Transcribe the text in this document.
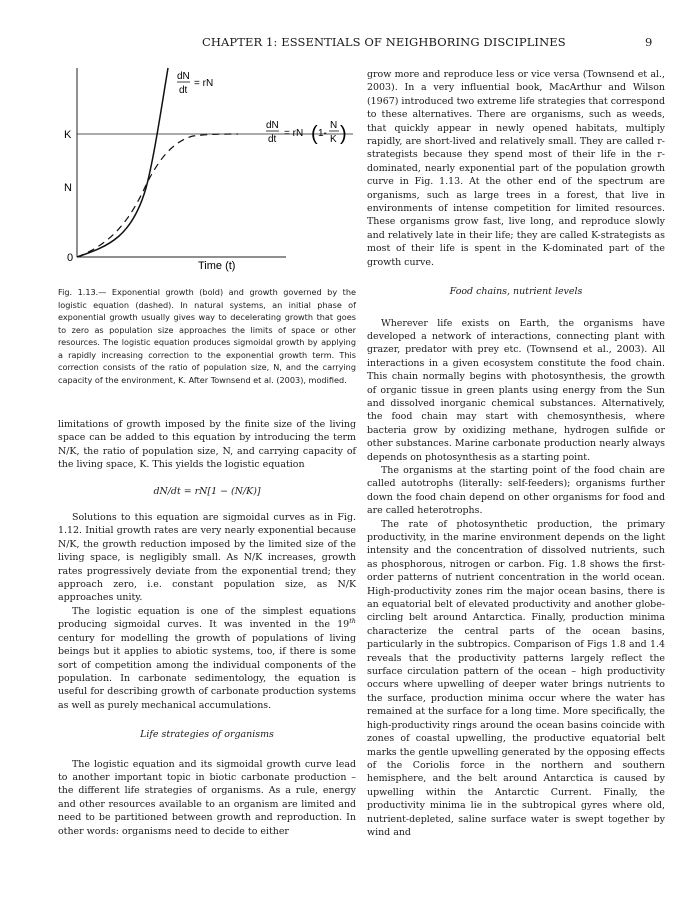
CHAPTER 1: ESSENTIALS OF NEIGHBORING DISCIPLINES	9
K
N
0
Time (t)
dN
dt
= rN
dN
dt
= rN ( 1-
N
K )
Fig. 1.13.— Exponential growth (bold) and growth governed by the logistic equation (dashed). In natural systems, an initial phase of exponential growth usually gives way to decelerating growth that goes to zero as population size approaches the limits of space or other resources. The logistic equation produces sigmoidal growth by applying a rapidly increasing correction to the exponential growth term. This correction consists of the ratio of population size, N, and the carrying capacity of the environment, K. After Townsend et al. (2003), modified.

limitations of growth imposed by the finite size of the living space can be added to this equation by introducing the term N/K, the ratio of population size, N, and carrying capacity of the living space, K. This yields the logistic equation

dN/dt = rN[1 − (N/K)]

Solutions to this equation are sigmoidal curves as in Fig. 1.12. Initial growth rates are very nearly exponential because N/K, the growth reduction imposed by the limited size of the living space, is negligibly small. As N/K increases, growth rates progressively deviate from the exponential trend; they approach zero, i.e. constant population size, as N/K approaches unity.

The logistic equation is one of the simplest equations producing sigmoidal curves. It was invented in the 19th century for modelling the growth of populations of living beings but it applies to abiotic systems, too, if there is some sort of competition among the individual components of the population. In carbonate sedimentology, the equation is useful for describing growth of carbonate production systems as well as purely mechanical accumulations.

Life strategies of organisms

The logistic equation and its sigmoidal growth curve lead to another important topic in biotic carbonate production – the different life strategies of organisms. As a rule, energy and other resources available to an organism are limited and need to be partitioned between growth and reproduction. In other words: organisms need to decide to either

grow more and reproduce less or vice versa (Townsend et al., 2003). In a very influential book, MacArthur and Wilson (1967) introduced two extreme life strategies that correspond to these alternatives. There are organisms, such as weeds, that quickly appear in newly opened habitats, multiply rapidly, are short-lived and relatively small. They are called r-strategists because they spend most of their life in the r-dominated, nearly exponential part of the population growth curve in Fig. 1.13. At the other end of the spectrum are organisms, such as large trees in a forest, that live in environments of intense competition for limited resources. These organisms grow fast, live long, and reproduce slowly and relatively late in their life; they are called K-strategists as most of their life is spent in the K-dominated part of the growth curve.

Food chains, nutrient levels

Wherever life exists on Earth, the organisms have developed a network of interactions, connecting plant with grazer, predator with prey etc. (Townsend et al., 2003). All interactions in a given ecosystem constitute the food chain. This chain normally begins with photosynthesis, the growth of organic tissue in green plants using energy from the Sun and dissolved inorganic chemical substances. Alternatively, the food chain may start with chemosynthesis, where bacteria grow by oxidizing methane, hydrogen sulfide or other substances. Marine carbonate production nearly always depends on photosynthesis as a starting point.

The organisms at the starting point of the food chain are called autotrophs (literally: self-feeders); organisms further down the food chain depend on other organisms for food and are called heterotrophs.

The rate of photosynthetic production, the primary productivity, in the marine environment depends on the light intensity and the concentration of dissolved nutrients, such as phosphorous, nitrogen or carbon. Fig. 1.8 shows the first-order patterns of nutrient concentration in the world ocean. High-productivity zones rim the major ocean basins, there is an equatorial belt of elevated productivity and another globe-circling belt around Antarctica. Finally, production minima characterize the central parts of the ocean basins, particularly in the subtropics. Comparison of Figs 1.8 and 1.4 reveals that the productivity patterns largely reflect the surface circulation pattern of the ocean – high productivity occurs where upwelling of deeper water brings nutrients to the surface, production minima occur where the water has remained at the surface for a long time. More specifically, the high-productivity rings around the ocean basins coincide with zones of coastal upwelling, the productive equatorial belt marks the gentle upwelling generated by the opposing effects of the Coriolis force in the northern and southern hemisphere, and the belt around Antarctica is caused by upwelling within the Antarctic Current. Finally, the productivity minima lie in the subtropical gyres where old, nutrient-depleted, saline surface water is swept together by wind and
